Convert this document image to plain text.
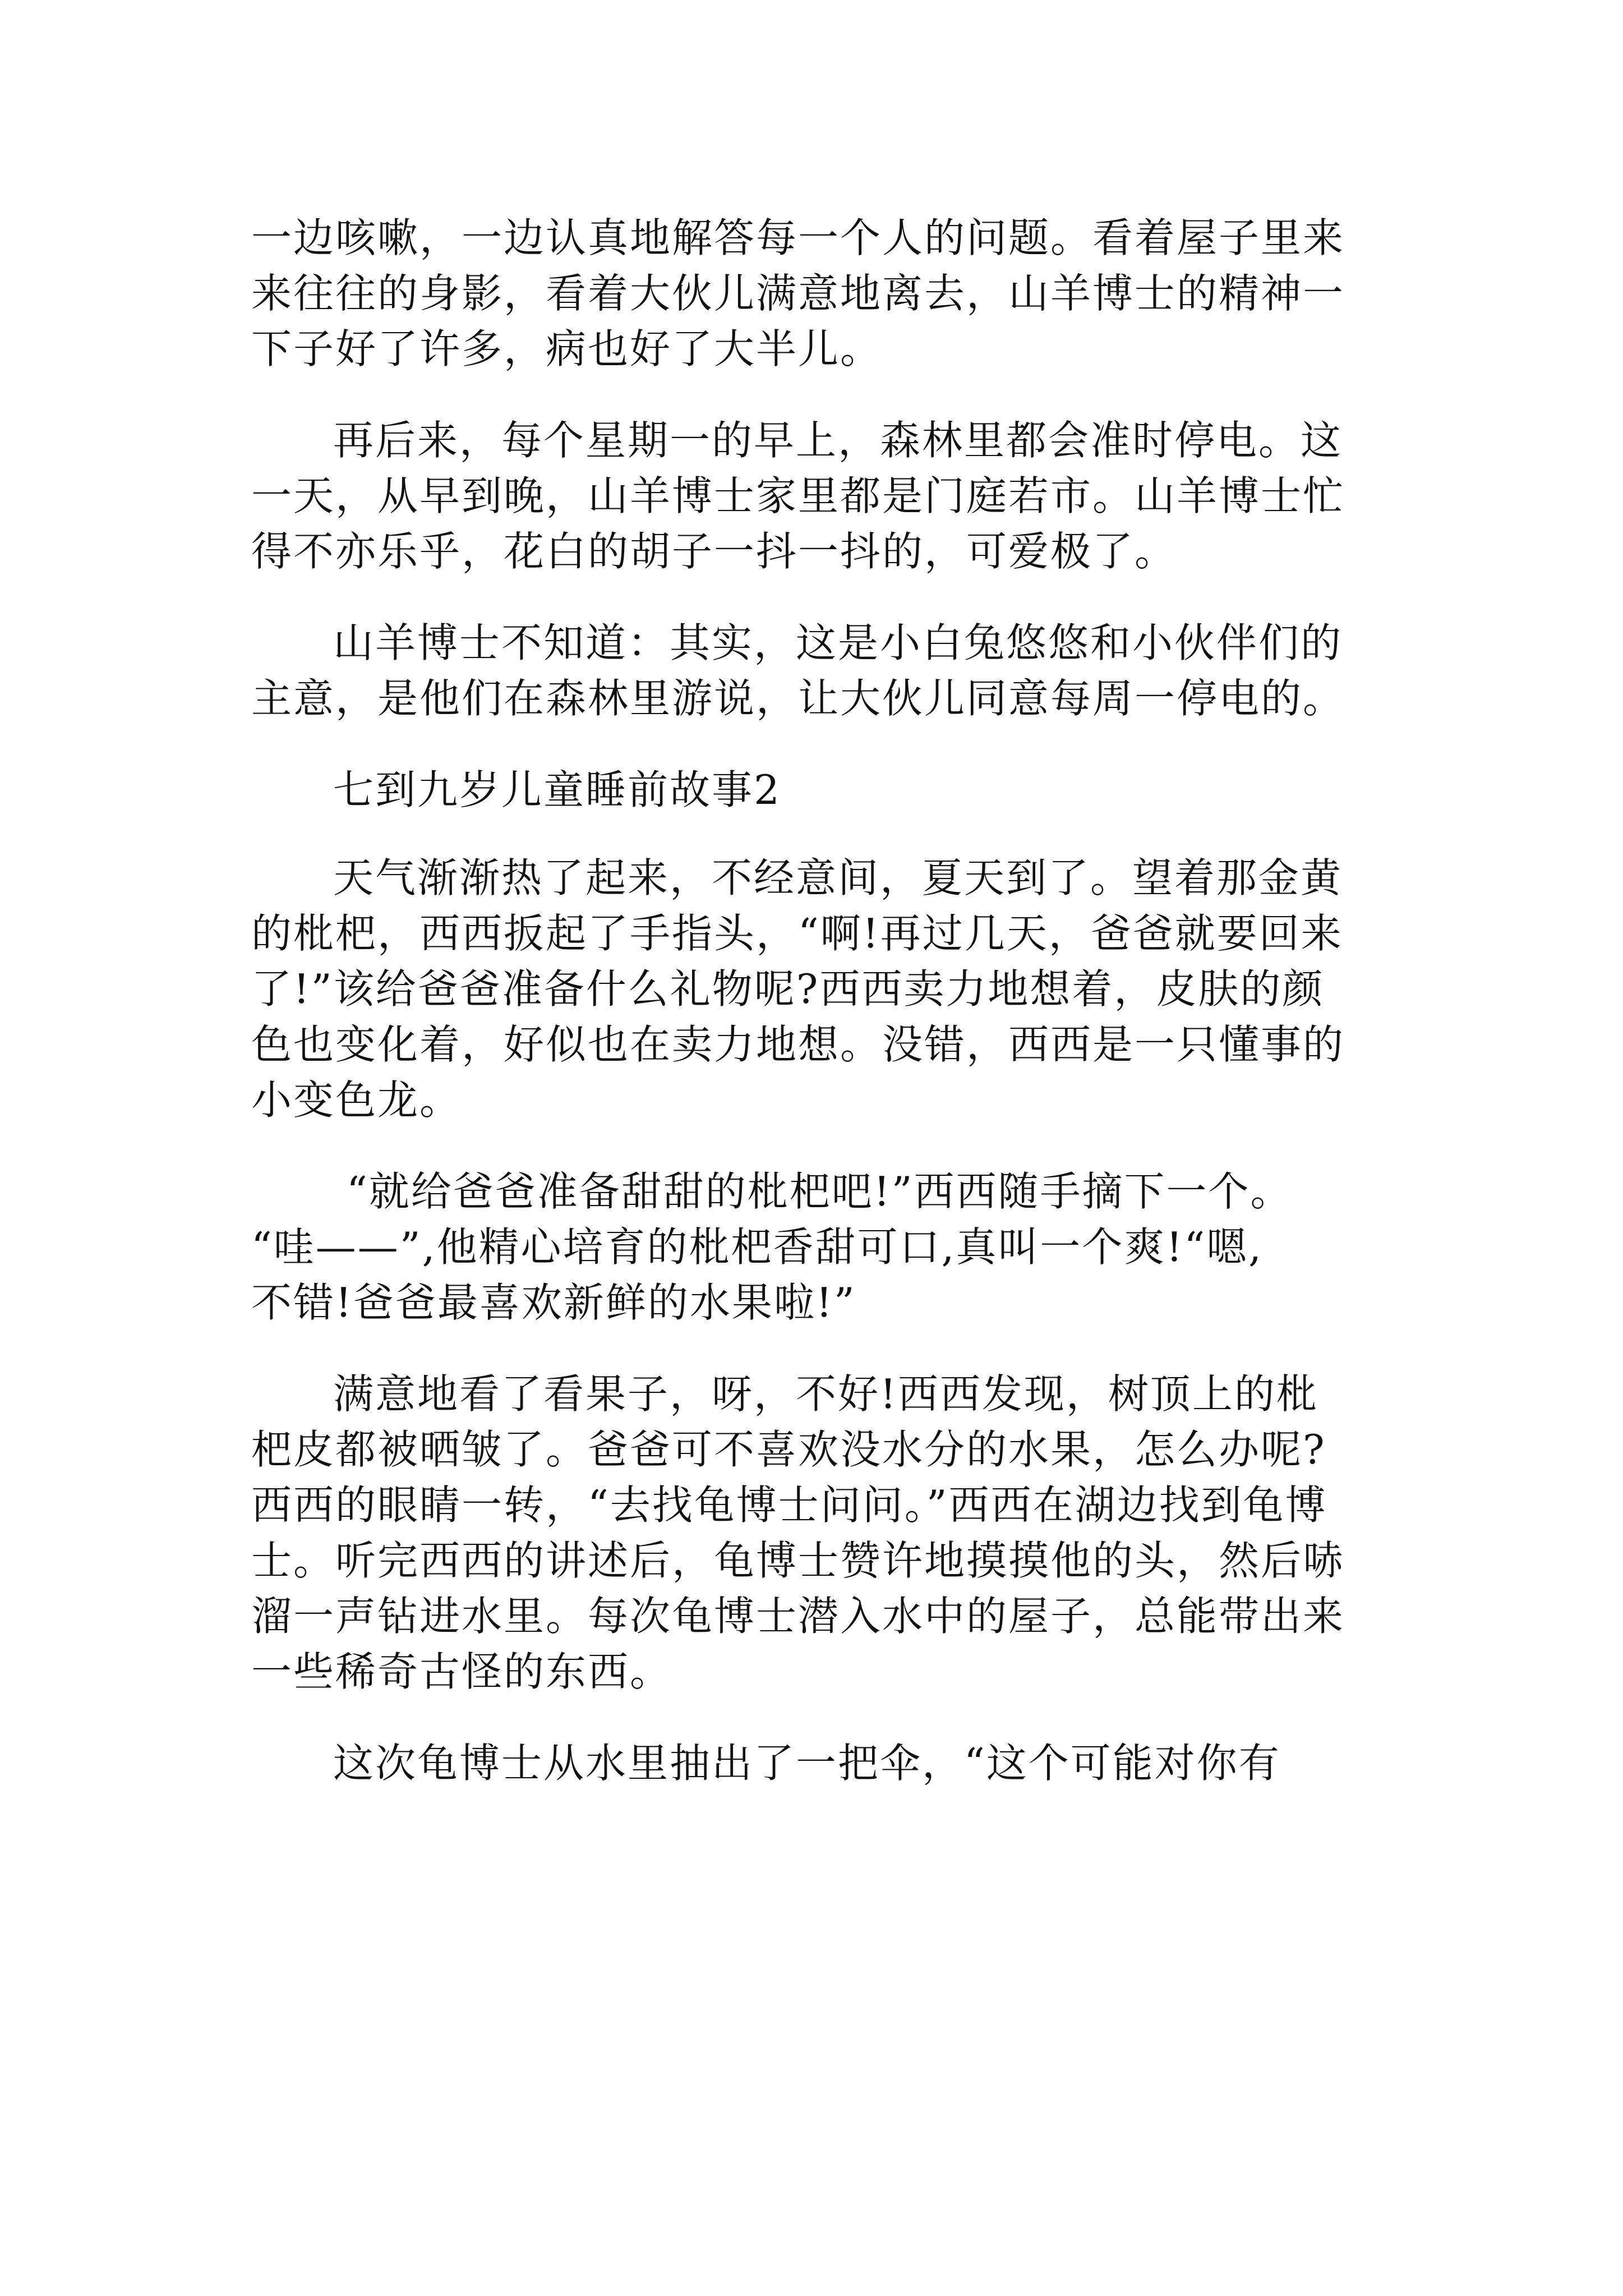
一边咳嗽，一边认真地解答每一个人的问题。看着屋子里来
来往往的身影，看着大伙儿满意地离去，山羊博士的精神一
下子好了许多，病也好了大半儿。
再后来，每个星期一的早上，森林里都会准时停电。这
一天，从早到晚，山羊博士家里都是门庭若市。山羊博士忙
得不亦乐乎，花白的胡子一抖一抖的，可爱极了。
山羊博士不知道：其实，这是小白兔悠悠和小伙伴们的
主意，是他们在森林里游说，让大伙儿同意每周一停电的。
七到九岁儿童睡前故事2
天气渐渐热了起来，不经意间，夏天到了。望着那金黄
的枇杷，西西扳起了手指头，“啊!再过几天，爸爸就要回来
了!”该给爸爸准备什么礼物呢?西西卖力地想着，皮肤的颜
色也变化着，好似也在卖力地想。没错，西西是一只懂事的
小变色龙。
“就给爸爸准备甜甜的枇杷吧!”西西随手摘下一个。
“哇——”,他精心培育的枇杷香甜可口,真叫一个爽!“嗯,
不错!爸爸最喜欢新鲜的水果啦!”
满意地看了看果子，呀，不好!西西发现，树顶上的枇
杷皮都被晒皱了。爸爸可不喜欢没水分的水果，怎么办呢?
西西的眼睛一转，“去找龟博士问问。”西西在湖边找到龟博
士。听完西西的讲述后，龟博士赞许地摸摸他的头，然后哧
溜一声钻进水里。每次龟博士潜入水中的屋子，总能带出来
一些稀奇古怪的东西。
这次龟博士从水里抽出了一把伞，“这个可能对你有
